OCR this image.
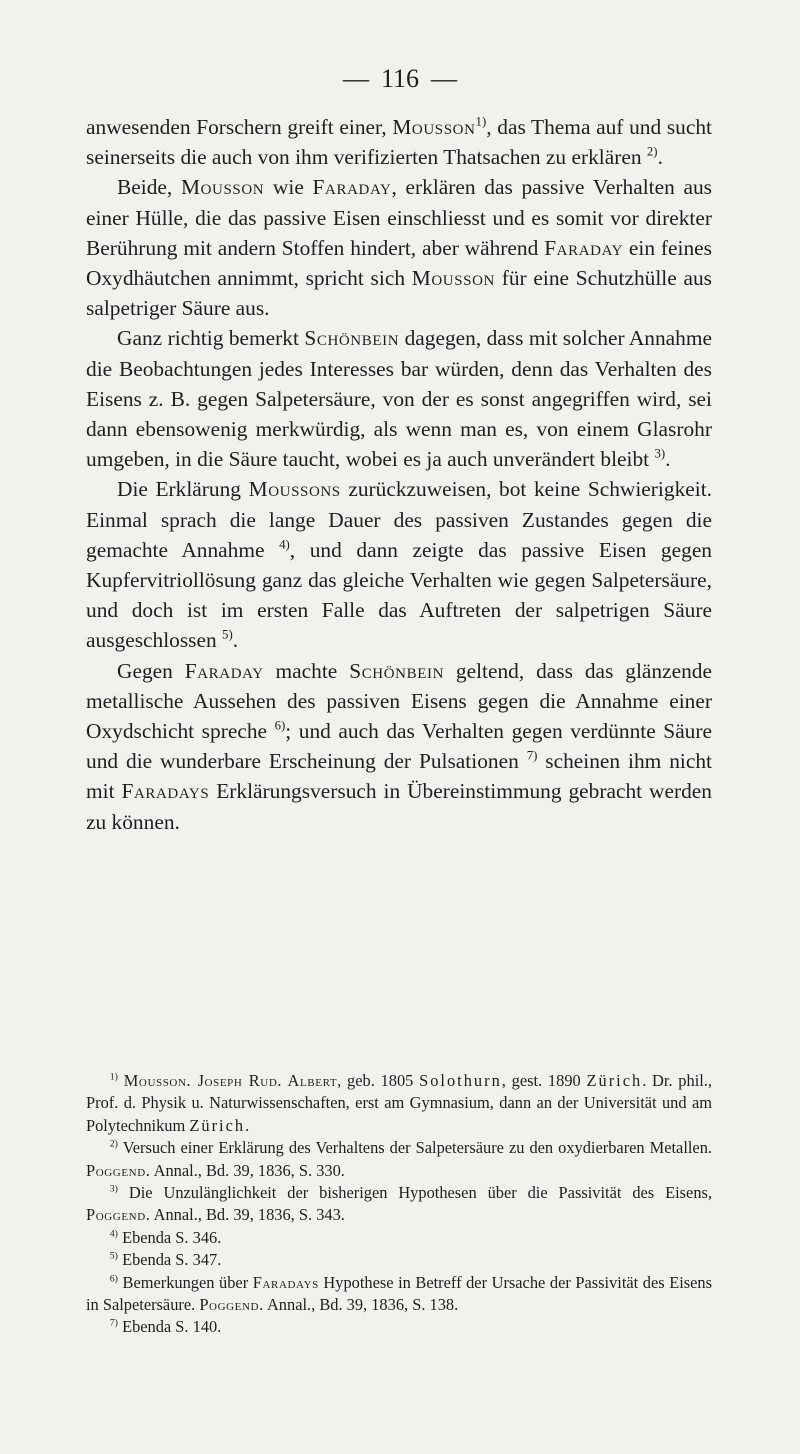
— 116 —

anwesenden Forschern greift einer, Mousson$^{1)}$, das Thema auf und sucht seinerseits die auch von ihm verifizierten Thatsachen zu erklären $^{2)}$.

Beide, Mousson wie Faraday, erklären das passive Verhalten aus einer Hülle, die das passive Eisen einschliesst und es somit vor direkter Berührung mit andern Stoffen hindert, aber während Faraday ein feines Oxydhäutchen annimmt, spricht sich Mousson für eine Schutzhülle aus salpetriger Säure aus.

Ganz richtig bemerkt Schönbein dagegen, dass mit solcher Annahme die Beobachtungen jedes Interesses bar würden, denn das Verhalten des Eisens z. B. gegen Salpetersäure, von der es sonst angegriffen wird, sei dann ebensowenig merkwürdig, als wenn man es, von einem Glasrohr umgeben, in die Säure taucht, wobei es ja auch unverändert bleibt $^{3)}$.

Die Erklärung Moussons zurückzuweisen, bot keine Schwierigkeit. Einmal sprach die lange Dauer des passiven Zustandes gegen die gemachte Annahme $^{4)}$, und dann zeigte das passive Eisen gegen Kupfervitriollösung ganz das gleiche Verhalten wie gegen Salpetersäure, und doch ist im ersten Falle das Auftreten der salpetrigen Säure ausgeschlossen $^{5)}$.

Gegen Faraday machte Schönbein geltend, dass das glänzende metallische Aussehen des passiven Eisens gegen die Annahme einer Oxydschicht spreche $^{6)}$; und auch das Verhalten gegen verdünnte Säure und die wunderbare Erscheinung der Pulsationen $^{7)}$ scheinen ihm nicht mit Faradays Erklärungsversuch in Übereinstimmung gebracht werden zu können.

$^{1)}$ Mousson. Joseph Rud. Albert, geb. 1805 Solothurn, gest. 1890 Zürich. Dr. phil., Prof. d. Physik u. Naturwissenschaften, erst am Gymnasium, dann an der Universität und am Polytechnikum Zürich.

$^{2)}$ Versuch einer Erklärung des Verhaltens der Salpetersäure zu den oxydierbaren Metallen. Poggend. Annal., Bd. 39, 1836, S. 330.

$^{3)}$ Die Unzulänglichkeit der bisherigen Hypothesen über die Passivität des Eisens, Poggend. Annal., Bd. 39, 1836, S. 343.

$^{4)}$ Ebenda S. 346.

$^{5)}$ Ebenda S. 347.

$^{6)}$ Bemerkungen über Faradays Hypothese in Betreff der Ursache der Passivität des Eisens in Salpetersäure. Poggend. Annal., Bd. 39, 1836, S. 138.

$^{7)}$ Ebenda S. 140.
